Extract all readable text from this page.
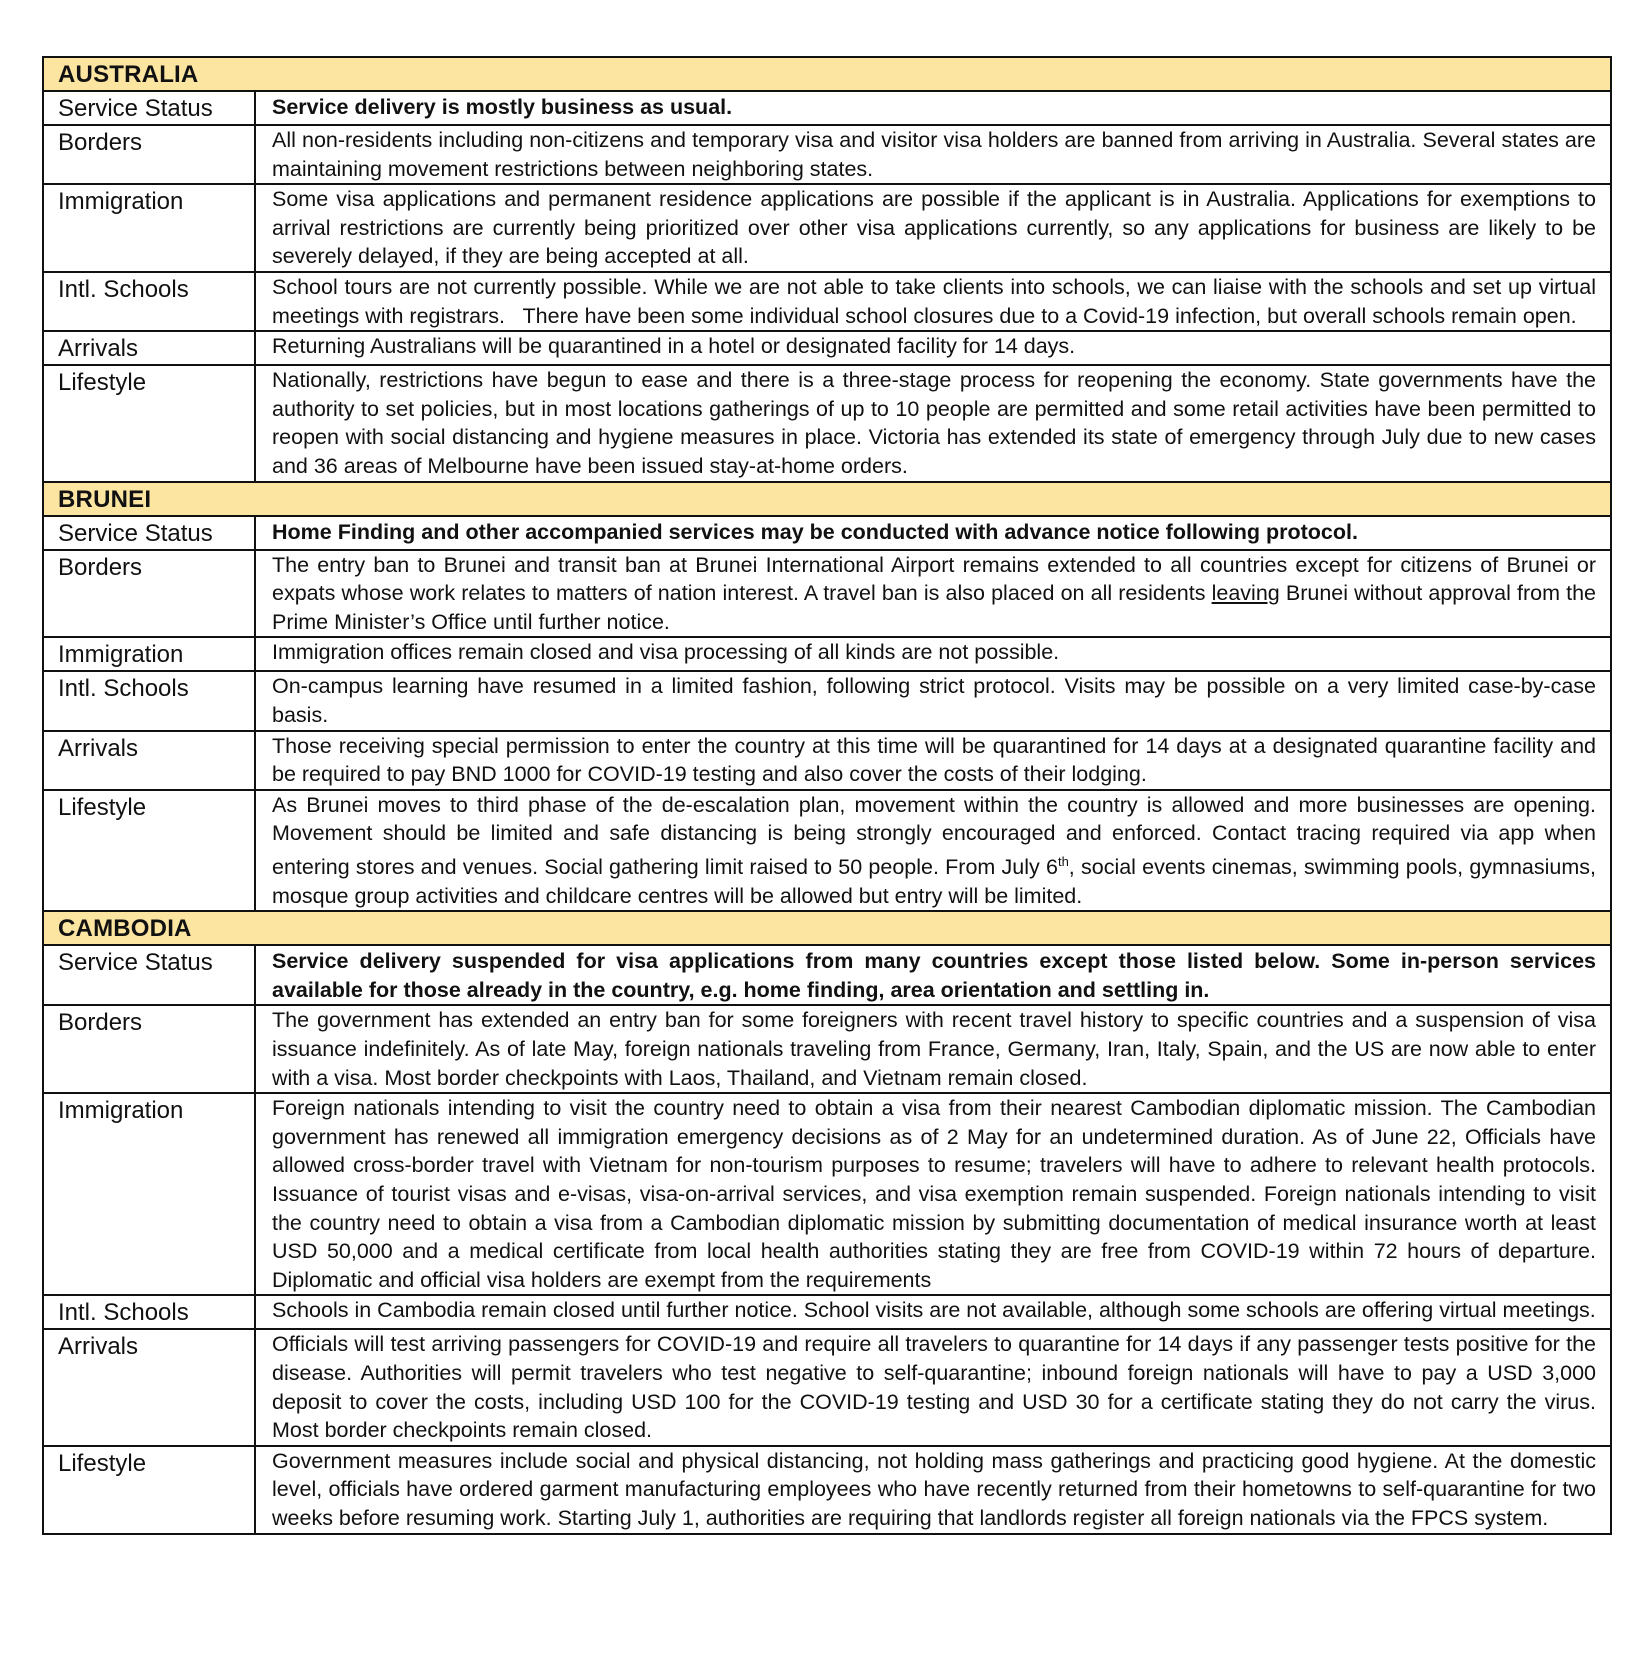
AUSTRALIA	
Service Status	Service delivery is mostly business as usual.
Borders	All non-residents including non-citizens and temporary visa and visitor visa holders are banned from arriving in Australia. Several states are maintaining movement restrictions between neighboring states.
Immigration	Some visa applications and permanent residence applications are possible if the applicant is in Australia. Applications for exemptions to arrival restrictions are currently being prioritized over other visa applications currently, so any applications for business are likely to be severely delayed, if they are being accepted at all.
Intl. Schools	School tours are not currently possible. While we are not able to take clients into schools, we can liaise with the schools and set up virtual meetings with registrars.   There have been some individual school closures due to a Covid-19 infection, but overall schools remain open.
Arrivals	Returning Australians will be quarantined in a hotel or designated facility for 14 days.
Lifestyle	Nationally, restrictions have begun to ease and there is a three-stage process for reopening the economy. State governments have the authority to set policies, but in most locations gatherings of up to 10 people are permitted and some retail activities have been permitted to reopen with social distancing and hygiene measures in place. Victoria has extended its state of emergency through July due to new cases and 36 areas of Melbourne have been issued stay-at-home orders.
BRUNEI	
Service Status	Home Finding and other accompanied services may be conducted with advance notice following protocol.
Borders	The entry ban to Brunei and transit ban at Brunei International Airport remains extended to all countries except for citizens of Brunei or expats whose work relates to matters of nation interest. A travel ban is also placed on all residents leaving Brunei without approval from the Prime Minister’s Office until further notice.
Immigration	Immigration offices remain closed and visa processing of all kinds are not possible.
Intl. Schools	On-campus learning have resumed in a limited fashion, following strict protocol. Visits may be possible on a very limited case-by-case basis.
Arrivals	Those receiving special permission to enter the country at this time will be quarantined for 14 days at a designated quarantine facility and be required to pay BND 1000 for COVID-19 testing and also cover the costs of their lodging.
Lifestyle	As Brunei moves to third phase of the de-escalation plan, movement within the country is allowed and more businesses are opening. Movement should be limited and safe distancing is being strongly encouraged and enforced. Contact tracing required via app when entering stores and venues. Social gathering limit raised to 50 people. From July 6th, social events cinemas, swimming pools, gymnasiums, mosque group activities and childcare centres will be allowed but entry will be limited.
CAMBODIA	
Service Status	Service delivery suspended for visa applications from many countries except those listed below. Some in-person services available for those already in the country, e.g. home finding, area orientation and settling in.
Borders	The government has extended an entry ban for some foreigners with recent travel history to specific countries and a suspension of visa issuance indefinitely. As of late May, foreign nationals traveling from France, Germany, Iran, Italy, Spain, and the US are now able to enter with a visa. Most border checkpoints with Laos, Thailand, and Vietnam remain closed.
Immigration	Foreign nationals intending to visit the country need to obtain a visa from their nearest Cambodian diplomatic mission. The Cambodian government has renewed all immigration emergency decisions as of 2 May for an undetermined duration. As of June 22, Officials have allowed cross-border travel with Vietnam for non-tourism purposes to resume; travelers will have to adhere to relevant health protocols. Issuance of tourist visas and e-visas, visa-on-arrival services, and visa exemption remain suspended. Foreign nationals intending to visit the country need to obtain a visa from a Cambodian diplomatic mission by submitting documentation of medical insurance worth at least USD 50,000 and a medical certificate from local health authorities stating they are free from COVID-19 within 72 hours of departure. Diplomatic and official visa holders are exempt from the requirements
Intl. Schools	Schools in Cambodia remain closed until further notice. School visits are not available, although some schools are offering virtual meetings.
Arrivals	Officials will test arriving passengers for COVID-19 and require all travelers to quarantine for 14 days if any passenger tests positive for the disease. Authorities will permit travelers who test negative to self-quarantine; inbound foreign nationals will have to pay a USD 3,000 deposit to cover the costs, including USD 100 for the COVID-19 testing and USD 30 for a certificate stating they do not carry the virus. Most border checkpoints remain closed.
Lifestyle	Government measures include social and physical distancing, not holding mass gatherings and practicing good hygiene. At the domestic level, officials have ordered garment manufacturing employees who have recently returned from their hometowns to self-quarantine for two weeks before resuming work. Starting July 1, authorities are requiring that landlords register all foreign nationals via the FPCS system.
